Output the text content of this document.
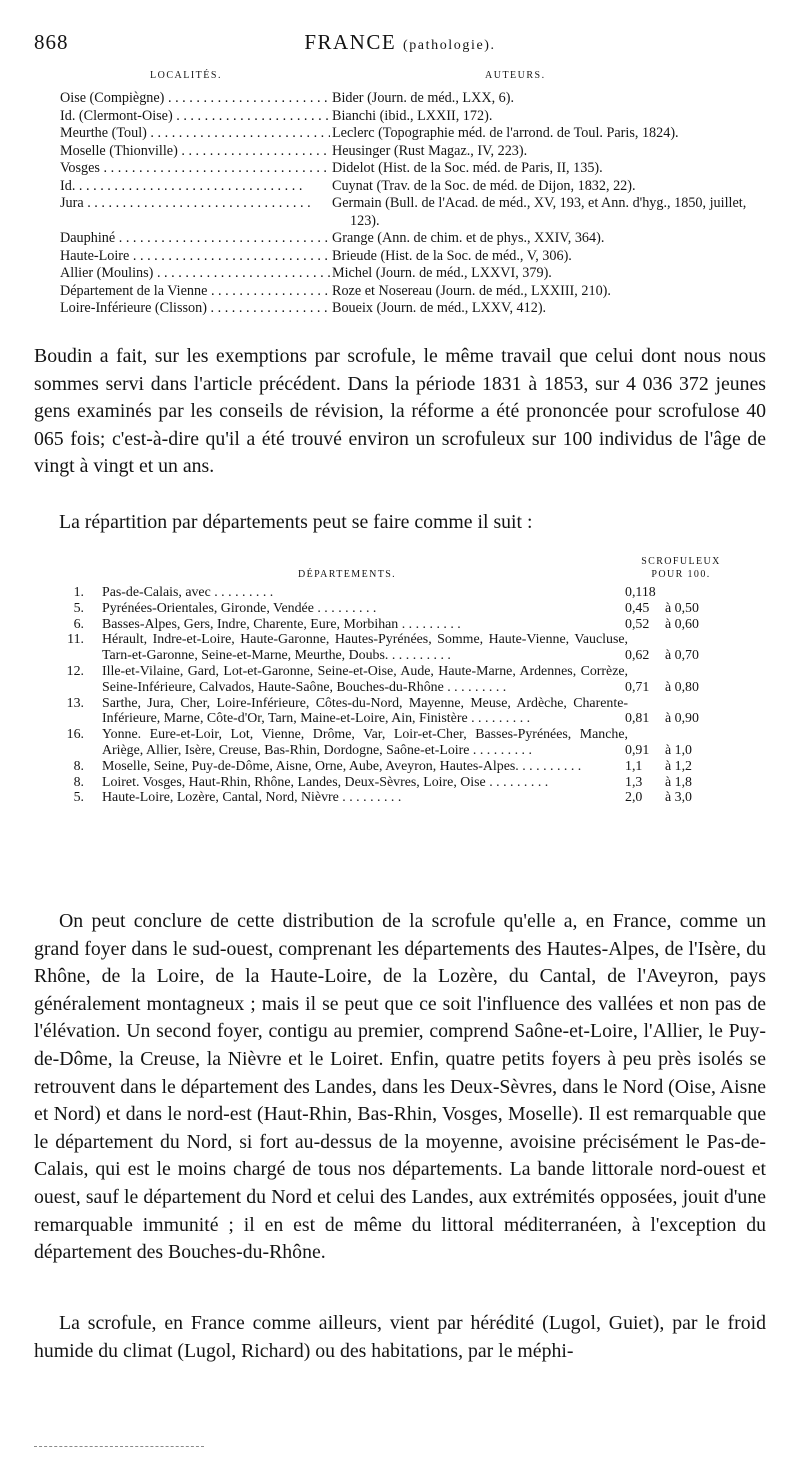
868	FRANCE (pathologie).
LOCALITÉS.	AUTEURS.
Oise (Compiègne) . . .	Bider (Journ. de méd., LXX, 6).
Id. (Clermont-Oise) . . .	Bianchi (ibid., LXXII, 172).
Meurthe (Toul) . . .	Leclerc (Topographie méd. de l'arrond. de Toul. Paris, 1824).
Moselle (Thionville) . . .	Heusinger (Rust Magaz., IV, 223).
Vosges . . .	Didelot (Hist. de la Soc. méd. de Paris, II, 135).
Id. . . .	Cuynat (Trav. de la Soc. de méd. de Dijon, 1832, 22).
Jura . . .	Germain (Bull. de l'Acad. de méd., XV, 193, et Ann. d'hyg., 1850, juillet, 123).
Dauphiné . . .	Grange (Ann. de chim. et de phys., XXIV, 364).
Haute-Loire . . .	Brieude (Hist. de la Soc. de méd., V, 306).
Allier (Moulins) . . .	Michel (Journ. de méd., LXXVI, 379).
Département de la Vienne . . .	Roze et Nosereau (Journ. de méd., LXXIII, 210).
Loire-Inférieure (Clisson) . . .	Boueix (Journ. de méd., LXXV, 412).

Boudin a fait, sur les exemptions par scrofule, le même travail que celui dont nous nous sommes servi dans l'article précédent. Dans la période 1831 à 1853, sur 4 036 372 jeunes gens examinés par les conseils de révision, la réforme a été prononcée pour scrofulose 40 065 fois; c'est-à-dire qu'il a été trouvé environ un scrofuleux sur 100 individus de l'âge de vingt à vingt et un ans.

La répartition par départements peut se faire comme il suit :

DÉPARTEMENTS.
SCROFULEUX
POUR 100.
1. Pas-de-Calais, avec . . . . . . . . .	0,118
5. Pyrénées-Orientales, Gironde, Vendée . . . . . . . . .	0,45 à 0,50
6. Basses-Alpes, Gers, Indre, Charente, Eure, Morbihan . . . . . . . . .	0,52 à 0,60
11. Hérault, Indre-et-Loire, Haute-Garonne, Hautes-Pyrénées, Somme, Haute-Vienne, Vaucluse, Tarn-et-Garonne, Seine-et-Marne, Meurthe, Doubs. . . . . . . . . .	0,62 à 0,70
12. Ille-et-Vilaine, Gard, Lot-et-Garonne, Seine-et-Oise, Aude, Haute-Marne, Ardennes, Corrèze, Seine-Inférieure, Calvados, Haute-Saône, Bouches-du-Rhône . . . . . . . . .	0,71 à 0,80
13. Sarthe, Jura, Cher, Loire-Inférieure, Côtes-du-Nord, Mayenne, Meuse, Ardèche, Charente-Inférieure, Marne, Côte-d'Or, Tarn, Maine-et-Loire, Ain, Finistère . . . . . . . . .	0,81 à 0,90
16. Yonne. Eure-et-Loir, Lot, Vienne, Drôme, Var, Loir-et-Cher, Basses-Pyrénées, Manche, Ariège, Allier, Isère, Creuse, Bas-Rhin, Dordogne, Saône-et-Loire . . . . . . . . .	0,91 à 1,0
8. Moselle, Seine, Puy-de-Dôme, Aisne, Orne, Aube, Aveyron, Hautes-Alpes. . . . . . . . . .	1,1 à 1,2
8. Loiret. Vosges, Haut-Rhin, Rhône, Landes, Deux-Sèvres, Loire, Oise . . . . . . . . .	1,3 à 1,8
5. Haute-Loire, Lozère, Cantal, Nord, Nièvre . . . . . . . . .	2,0 à 3,0

On peut conclure de cette distribution de la scrofule qu'elle a, en France, comme un grand foyer dans le sud-ouest, comprenant les départements des Hautes-Alpes, de l'Isère, du Rhône, de la Loire, de la Haute-Loire, de la Lozère, du Cantal, de l'Aveyron, pays généralement montagneux ; mais il se peut que ce soit l'influence des vallées et non pas de l'élévation. Un second foyer, contigu au premier, comprend Saône-et-Loire, l'Allier, le Puy-de-Dôme, la Creuse, la Nièvre et le Loiret. Enfin, quatre petits foyers à peu près isolés se retrouvent dans le département des Landes, dans les Deux-Sèvres, dans le Nord (Oise, Aisne et Nord) et dans le nord-est (Haut-Rhin, Bas-Rhin, Vosges, Moselle). Il est remarquable que le département du Nord, si fort au-dessus de la moyenne, avoisine précisément le Pas-de-Calais, qui est le moins chargé de tous nos départements. La bande littorale nord-ouest et ouest, sauf le département du Nord et celui des Landes, aux extrémités opposées, jouit d'une remarquable immunité ; il en est de même du littoral méditerranéen, à l'exception du département des Bouches-du-Rhône.

La scrofule, en France comme ailleurs, vient par hérédité (Lugol, Guiet), par le froid humide du climat (Lugol, Richard) ou des habitations, par le méphi-
